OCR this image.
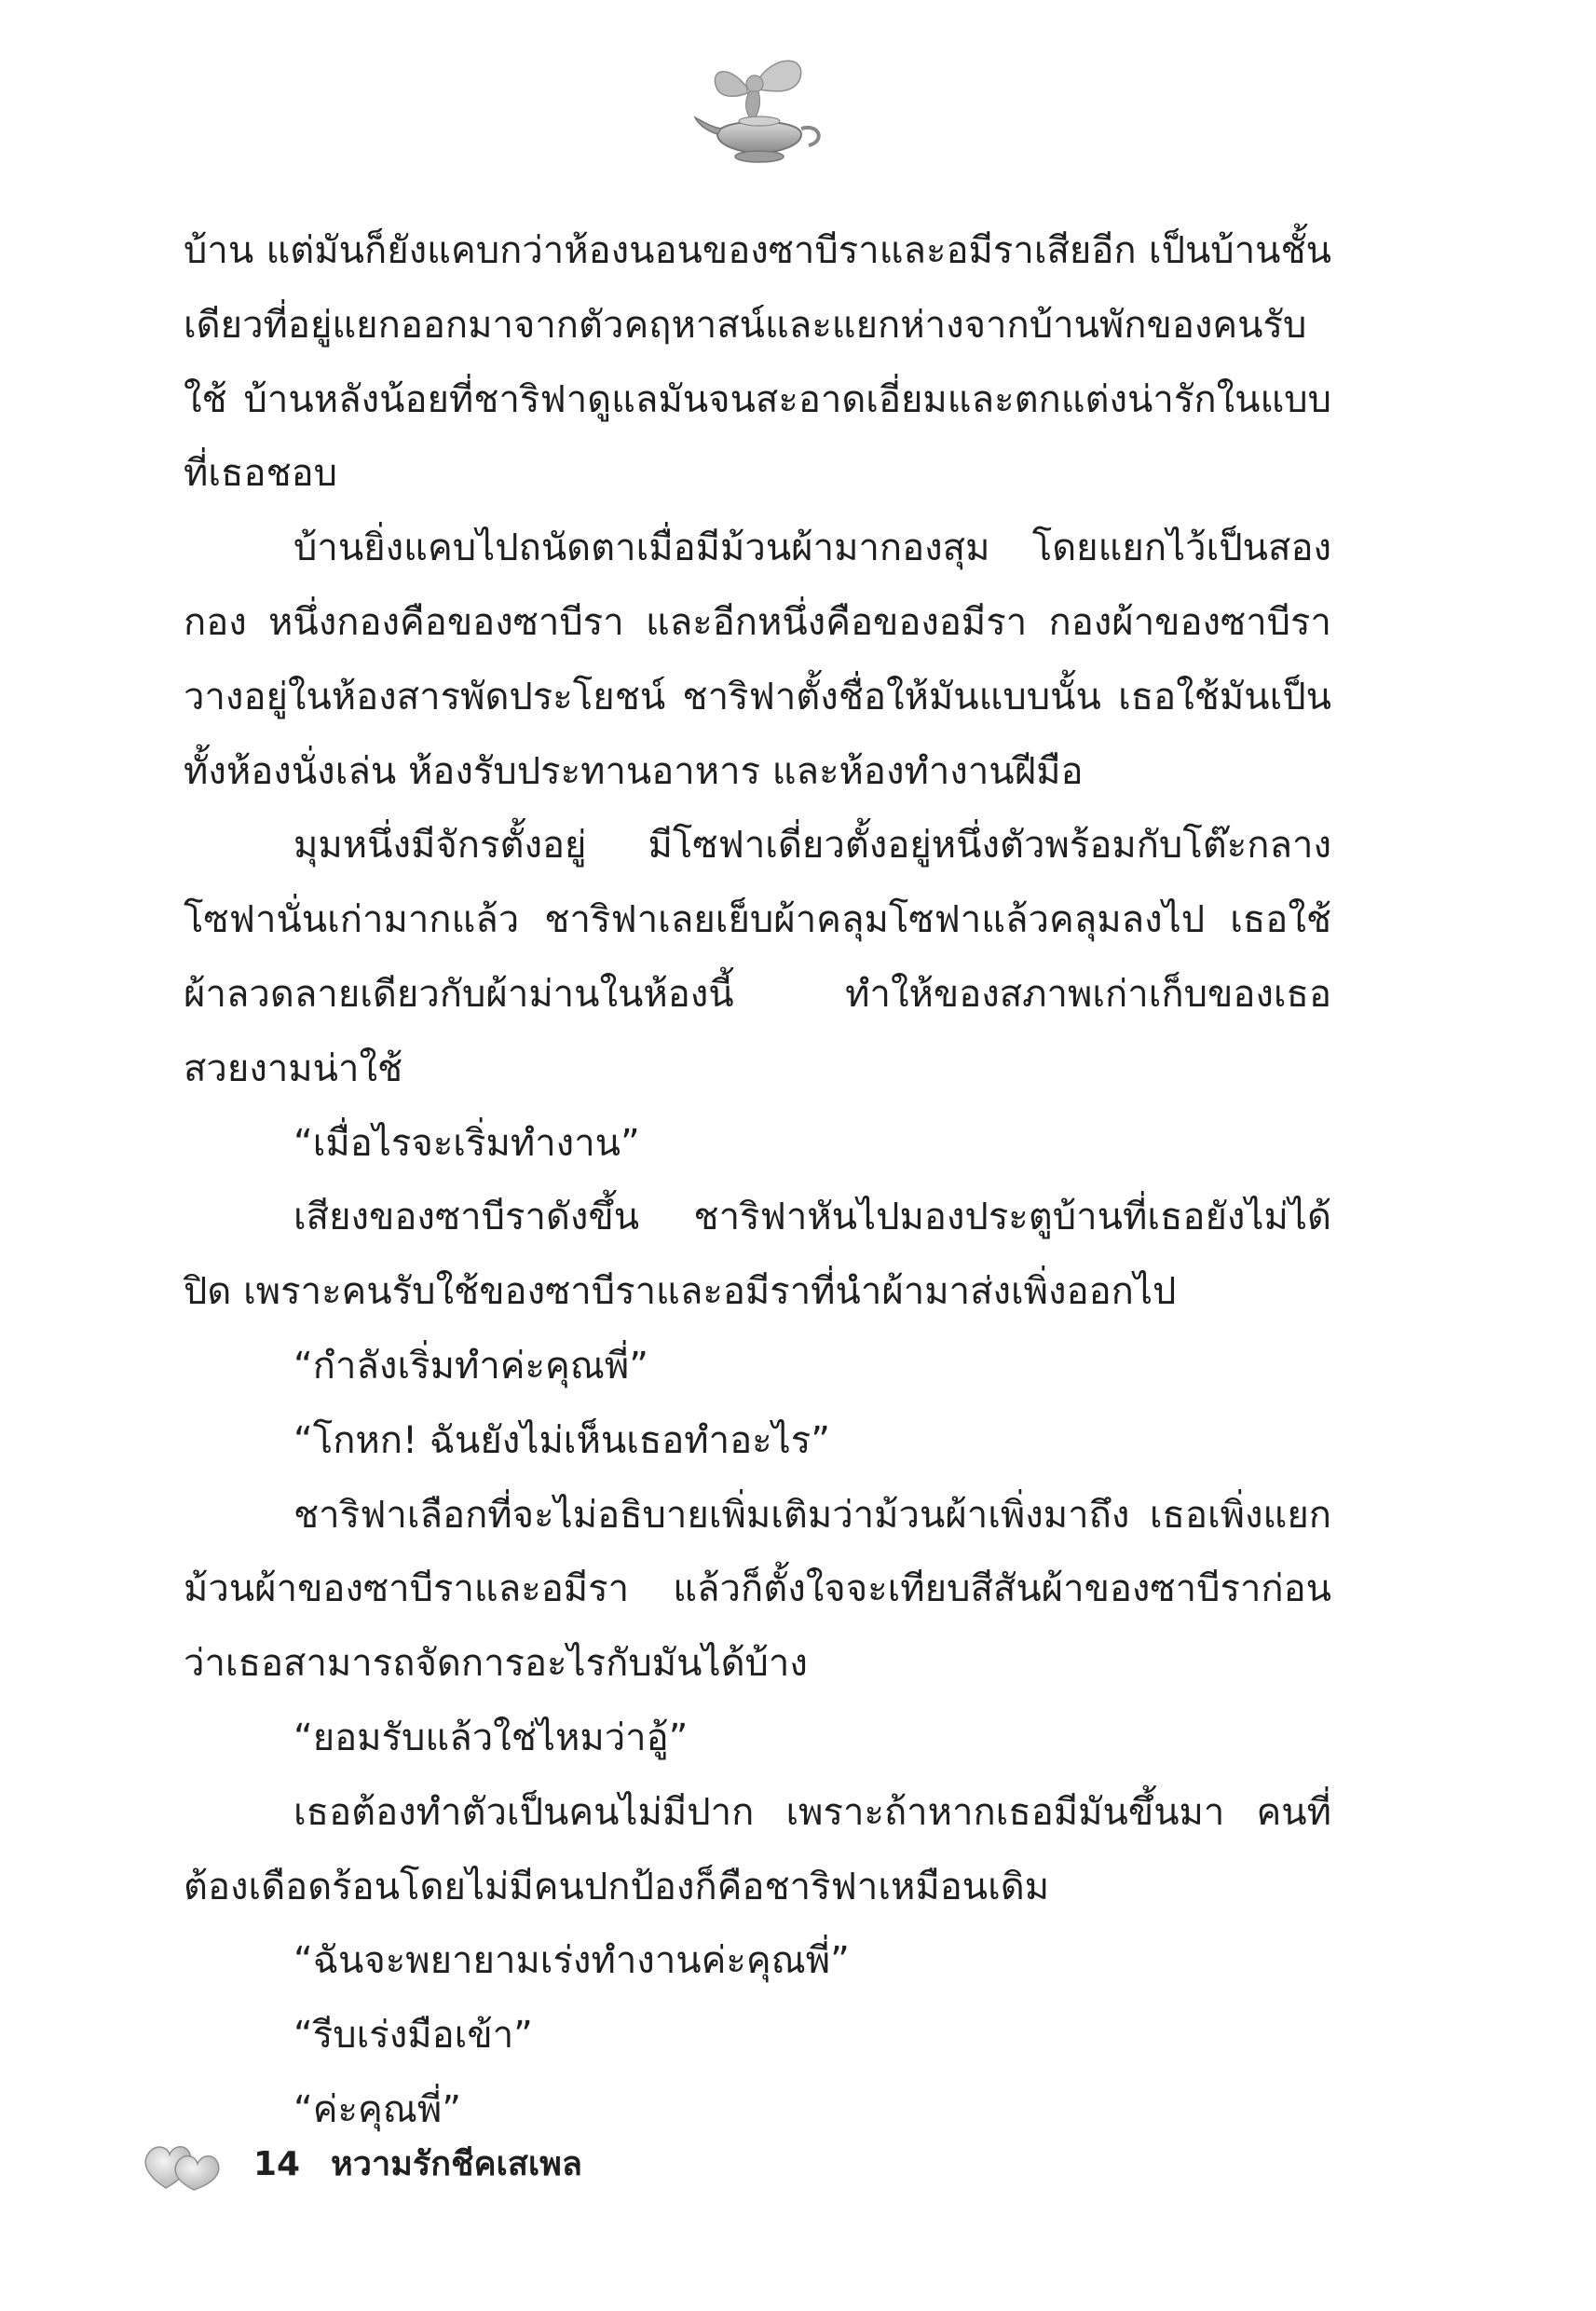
บ้าน แต่มันก็ยังแคบกว่าห้องนอนของซาบีราและอมีราเสียอีก เป็นบ้านชั้นเดียวที่อยู่แยกออกมาจากตัวคฤหาสน์และแยกห่างจากบ้านพักของคนรับใช้ บ้านหลังน้อยที่ชาริฟาดูแลมันจนสะอาดเอี่ยมและตกแต่งน่ารักในแบบที่เธอชอบ

บ้านยิ่งแคบไปถนัดตาเมื่อมีม้วนผ้ามากองสุม โดยแยกไว้เป็นสองกอง หนึ่งกองคือของซาบีรา และอีกหนึ่งคือของอมีรา กองผ้าของซาบีราวางอยู่ในห้องสารพัดประโยชน์ ชาริฟาตั้งชื่อให้มันแบบนั้น เธอใช้มันเป็นทั้งห้องนั่งเล่น ห้องรับประทานอาหาร และห้องทำงานฝีมือ

มุมหนึ่งมีจักรตั้งอยู่ มีโซฟาเดี่ยวตั้งอยู่หนึ่งตัวพร้อมกับโต๊ะกลางโซฟานั่นเก่ามากแล้ว ชาริฟาเลยเย็บผ้าคลุมโซฟาแล้วคลุมลงไป เธอใช้ผ้าลวดลายเดียวกับผ้าม่านในห้องนี้ ทำให้ของสภาพเก่าเก็บของเธอสวยงามน่าใช้

“เมื่อไรจะเริ่มทำงาน”

เสียงของซาบีราดังขึ้น ชาริฟาหันไปมองประตูบ้านที่เธอยังไม่ได้ปิด เพราะคนรับใช้ของซาบีราและอมีราที่นำผ้ามาส่งเพิ่งออกไป

“กำลังเริ่มทำค่ะคุณพี่”

“โกหก! ฉันยังไม่เห็นเธอทำอะไร”

ชาริฟาเลือกที่จะไม่อธิบายเพิ่มเติมว่าม้วนผ้าเพิ่งมาถึง เธอเพิ่งแยกม้วนผ้าของซาบีราและอมีรา แล้วก็ตั้งใจจะเทียบสีสันผ้าของซาบีราก่อนว่าเธอสามารถจัดการอะไรกับมันได้บ้าง

“ยอมรับแล้วใช่ไหมว่าอู้”

เธอต้องทำตัวเป็นคนไม่มีปาก เพราะถ้าหากเธอมีมันขึ้นมา คนที่ต้องเดือดร้อนโดยไม่มีคนปกป้องก็คือชาริฟาเหมือนเดิม

“ฉันจะพยายามเร่งทำงานค่ะคุณพี่”

“รีบเร่งมือเข้า”

“ค่ะคุณพี่”

14 หวามรักชีคเสเพล
